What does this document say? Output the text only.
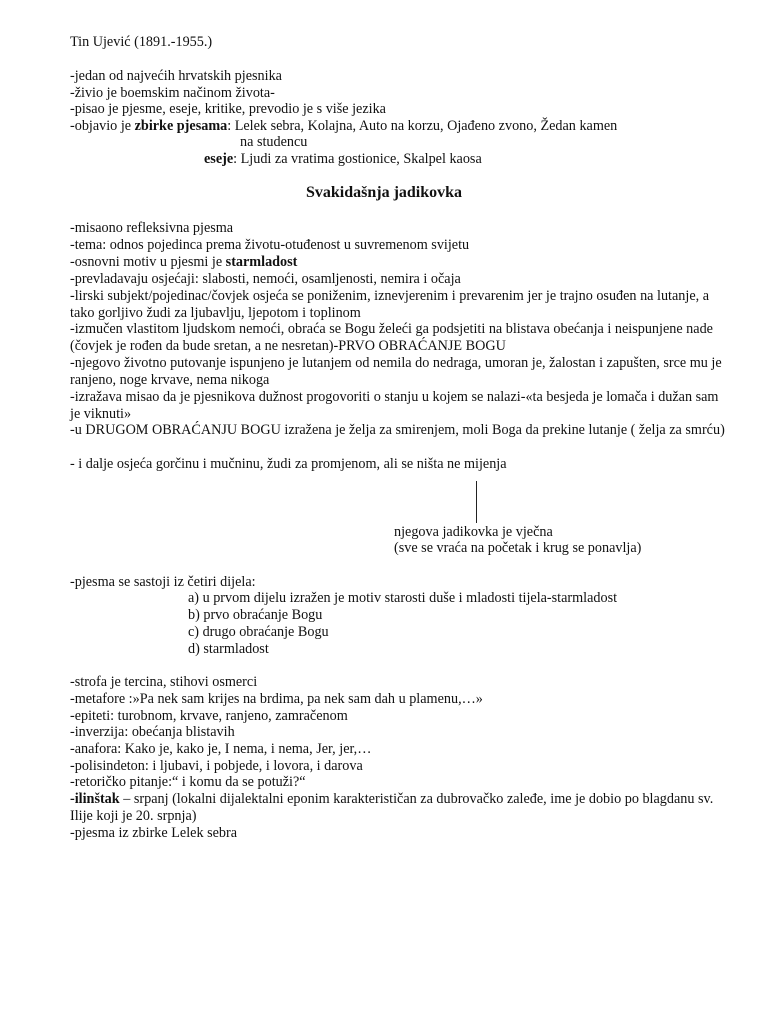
Tin Ujević (1891.-1955.)
-jedan od najvećih hrvatskih pjesnika
-živio je boemskim načinom života-
-pisao je pjesme, eseje, kritike, prevodio je s više jezika
-objavio je zbirke pjesama: Lelek sebra, Kolajna, Auto na korzu, Ojađeno zvono, Žedan kamen
na studencu
eseje: Ljudi za vratima gostionice, Skalpel kaosa
Svakidašnja jadikovka
-misaono refleksivna pjesma
-tema: odnos pojedinca prema životu-otuđenost u suvremenom svijetu
-osnovni motiv u pjesmi je starmladost
-prevladavaju osjećaji: slabosti, nemoći, osamljenosti, nemira i očaja
-lirski subjekt/pojedinac/čovjek osjeća se poniženim, iznevjerenim i prevarenim jer je trajno osuđen na lutanje, a tako gorljivo žudi za ljubavlju, ljepotom i toplinom
-izmučen vlastitom ljudskom nemoći, obraća se Bogu želeći ga podsjetiti na blistava obećanja i neispunjene nade (čovjek je rođen da bude sretan, a ne nesretan)-PRVO OBRAĆANJE BOGU
-njegovo životno putovanje ispunjeno je lutanjem od nemila do nedraga, umoran je, žalostan i zapušten, srce mu je ranjeno, noge krvave, nema nikoga
-izražava misao da je pjesnikova dužnost progovoriti o stanju u kojem se nalazi-«ta besjeda je lomača i dužan sam je viknuti»
-u DRUGOM OBRAĆANJU BOGU izražena je želja za smirenjem, moli Boga da prekine lutanje ( želja za smrću)
- i dalje osjeća gorčinu i mučninu, žudi za promjenom, ali se ništa ne mijenja
njegova jadikovka je vječna
(sve se vraća na početak i krug se ponavlja)
-pjesma se sastoji iz četiri dijela:
a) u prvom dijelu izražen je motiv starosti duše i mladosti tijela-starmladost
b) prvo obraćanje Bogu
c) drugo obraćanje Bogu
d) starmladost
-strofa je tercina, stihovi osmerci
-metafore :»Pa nek sam krijes na brdima, pa nek sam dah u plamenu,…»
-epiteti: turobnom, krvave, ranjeno, zamračenom
-inverzija: obećanja blistavih
-anafora: Kako je, kako je, I nema, i nema, Jer, jer,…
-polisindeton: i ljubavi, i pobjede, i lovora, i darova
-retoričko pitanje:“ i komu da se potuži?“
-ilinštak – srpanj (lokalni dijalektalni eponim karakterističan za dubrovačko zaleđe, ime je dobio po blagdanu sv. Ilije koji je 20. srpnja)
-pjesma iz zbirke Lelek sebra
